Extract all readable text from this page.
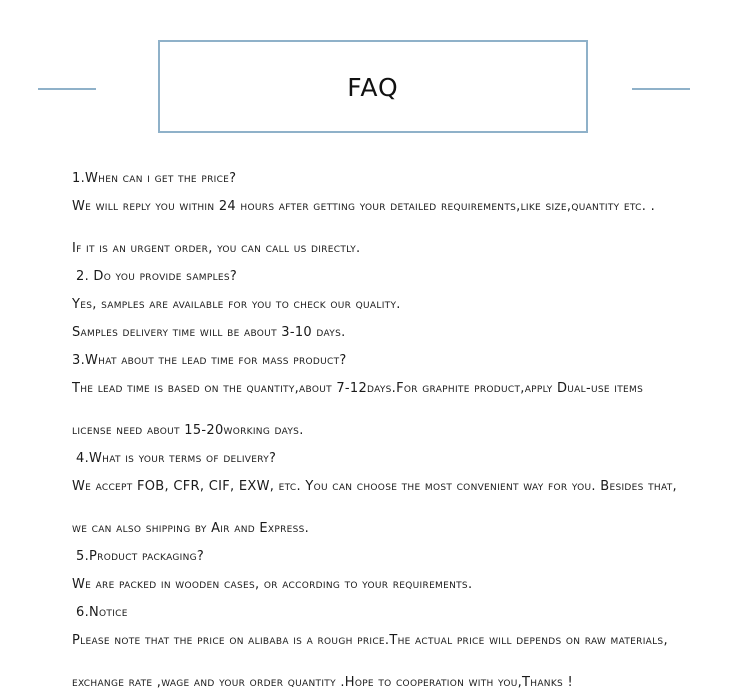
FAQ
1.When can i get the price?
We will reply you within 24 hours after getting your detailed requirements,like size,quantity etc. .
If it is an urgent order, you can call us directly.
2. Do you provide samples?
Yes, samples are available for you to check our quality.
Samples delivery time will be about 3-10 days.
3.What about the lead time for mass product?
The lead time is based on the quantity,about 7-12days.For graphite product,apply Dual-use items
license need about 15-20working days.
4.What is your terms of delivery?
We accept FOB, CFR, CIF, EXW, etc. You can choose the most convenient way for you. Besides that,
we can also shipping by Air and Express.
5.Product packaging?
We are packed in wooden cases, or according to your requirements.
6.Notice
Please note that the price on alibaba is a rough price.The actual price will depends on raw materials,
exchange rate ,wage and your order quantity .Hope to cooperation with you,Thanks !
